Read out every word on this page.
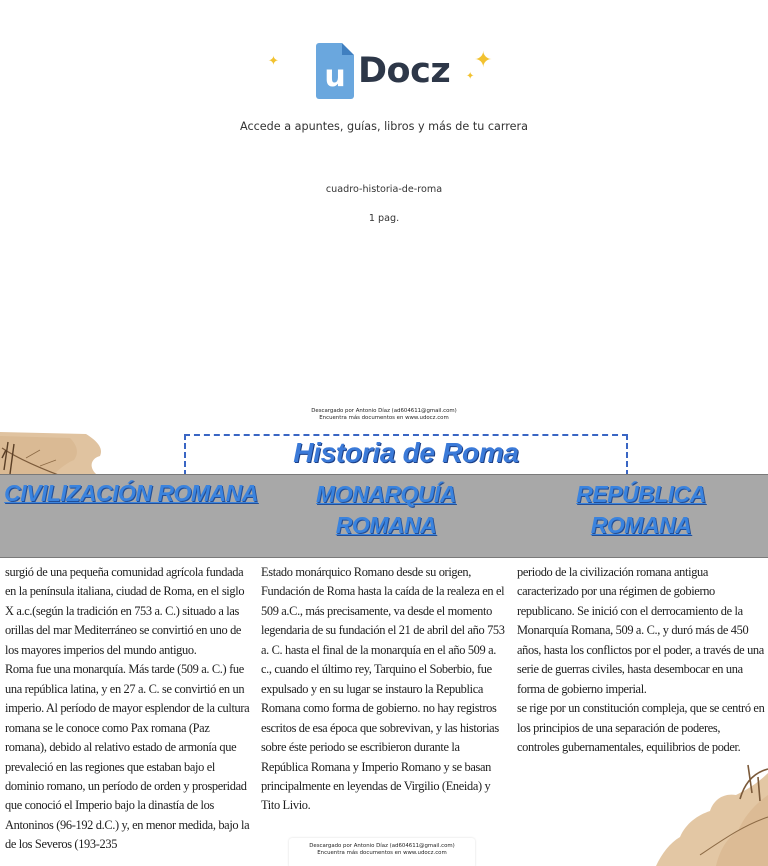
✦	✦
✦
u Docz
Accede a apuntes, guías, libros y más de tu carrera
cuadro-historia-de-roma
1 pag.
Descargado por Antonio Díaz (ad604611@gmail.com)
Encuentra más documentos en www.udocz.com
Historia de Roma
CIVILIZACIÓN ROMANA	MONARQUÍA
ROMANA
REPÚBLICA
ROMANA

surgió de una pequeña comunidad agrícola fundada en la península italiana, ciudad de Roma, en el siglo X a.c.(según la tradición en 753 a. C.) situado a las orillas del mar Mediterráneo se convirtió en uno de los mayores imperios del mundo antiguo.

Roma fue una monarquía. Más tarde (509 a. C.) fue una república latina, y en 27 a. C. se convirtió en un imperio. Al período de mayor esplendor de la cultura romana se le conoce como Pax romana (Paz romana), debido al relativo estado de armonía que prevaleció en las regiones que estaban bajo el dominio romano, un período de orden y prosperidad que conoció el Imperio bajo la dinastía de los Antoninos (96-192 d.C.) y, en menor medida, bajo la de los Severos (193-235

Estado monárquico Romano desde su origen, Fundación de Roma hasta la caída de la realeza en el 509 a.C., más precisamente, va desde el momento legendaria de su fundación el 21 de abril del año 753 a. C. hasta el final de la monarquía en el año 509 a. c., cuando el último rey, Tarquino el Soberbio, fue expulsado y en su lugar se instauro la Republica Romana como forma de gobierno. no hay registros escritos de esa época que sobrevivan, y las historias sobre éste periodo se escribieron durante la República Romana y Imperio Romano y se basan principalmente en leyendas de Virgilio (Eneida) y Tito Livio.

periodo de la civilización romana antigua caracterizado por una régimen de gobierno republicano. Se inició con el derrocamiento de la Monarquía Romana, 509 a. C., y duró más de 450 años, hasta los conflictos por el poder, a través de una serie de guerras civiles, hasta desembocar en una forma de gobierno imperial.

se rige por un constitución compleja, que se centró en los principios de una separación de poderes, controles gubernamentales, equilibrios de poder.

Descargado por Antonio Díaz (ad604611@gmail.com)
Encuentra más documentos en www.udocz.com
